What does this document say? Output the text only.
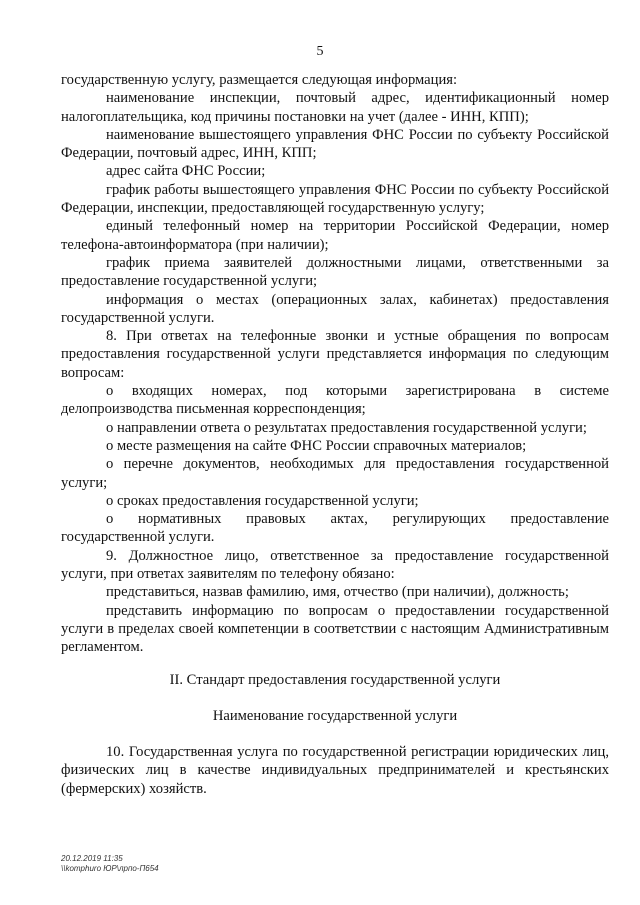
5

государственную услугу, размещается следующая информация:

наименование инспекции, почтовый адрес, идентификационный номер налогоплательщика, код причины постановки на учет (далее - ИНН, КПП);

наименование вышестоящего управления ФНС России по субъекту Российской Федерации, почтовый адрес, ИНН, КПП;

адрес сайта ФНС России;

график работы вышестоящего управления ФНС России по субъекту Российской Федерации, инспекции, предоставляющей государственную услугу;

единый телефонный номер на территории Российской Федерации, номер телефона-автоинформатора (при наличии);

график приема заявителей должностными лицами, ответственными за предоставление государственной услуги;

информация о местах (операционных залах, кабинетах) предоставления государственной услуги.

8. При ответах на телефонные звонки и устные обращения по вопросам предоставления государственной услуги представляется информация по следующим вопросам:

о входящих номерах, под которыми зарегистрирована в системе делопроизводства письменная корреспонденция;

о направлении ответа о результатах предоставления государственной услуги;

о месте размещения на сайте ФНС России справочных материалов;

о перечне документов, необходимых для предоставления государственной услуги;

о сроках предоставления государственной услуги;

о нормативных правовых актах, регулирующих предоставление государственной услуги.

9. Должностное лицо, ответственное за предоставление государственной услуги, при ответах заявителям по телефону обязано:

представиться, назвав фамилию, имя, отчество (при наличии), должность;

представить информацию по вопросам о предоставлении государственной услуги в пределах своей компетенции в соответствии с настоящим Административным регламентом.

II. Стандарт предоставления государственной услуги

Наименование государственной услуги

10. Государственная услуга по государственной регистрации юридических лиц, физических лиц в качестве индивидуальных предпринимателей и крестьянских (фермерских) хозяйств.

20.12.2019 11:35
\\komphuro ЮР\лрпо-П654
